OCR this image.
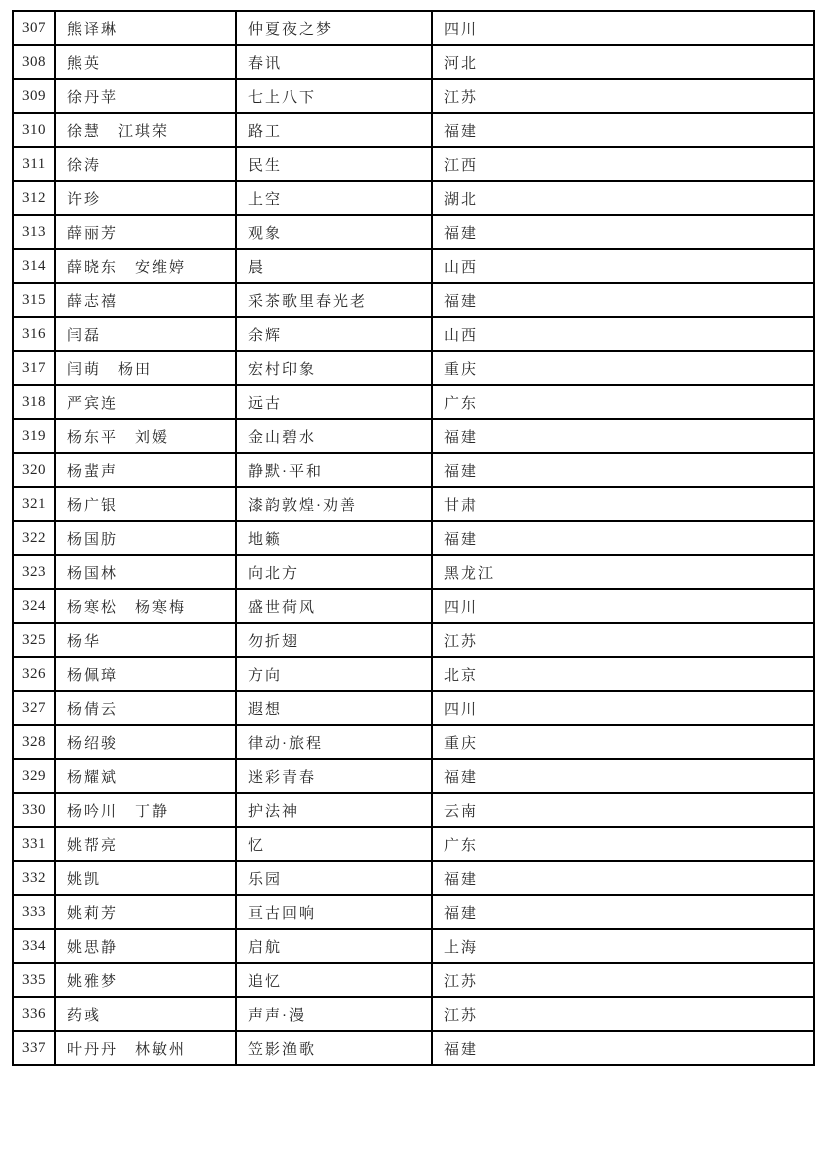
307	熊译琳	仲夏夜之梦	四川
308	熊英	春讯	河北
309	徐丹苹	七上八下	江苏
310	徐慧　江琪荣	路工	福建
311	徐涛	民生	江西
312	许珍	上空	湖北
313	薛丽芳	观象	福建
314	薛晓东　安维婷	晨	山西
315	薛志禧	采茶歌里春光老	福建
316	闫磊	余辉	山西
317	闫萌　杨田	宏村印象	重庆
318	严宾连	远古	广东
319	杨东平　刘媛	金山碧水	福建
320	杨蜚声	静默·平和	福建
321	杨广银	漆韵敦煌·劝善	甘肃
322	杨国肪	地籁	福建
323	杨国林	向北方	黑龙江
324	杨寒松　杨寒梅	盛世荷风	四川
325	杨华	勿折翅	江苏
326	杨佩璋	方向	北京
327	杨倩云	遐想	四川
328	杨绍骏	律动·旅程	重庆
329	杨耀斌	迷彩青春	福建
330	杨吟川　丁静	护法神	云南
331	姚帮亮	忆	广东
332	姚凯	乐园	福建
333	姚莉芳	亘古回响	福建
334	姚思静	启航	上海
335	姚雅梦	追忆	江苏
336	药彧	声声·漫	江苏
337	叶丹丹　林敏州	笠影渔歌	福建
